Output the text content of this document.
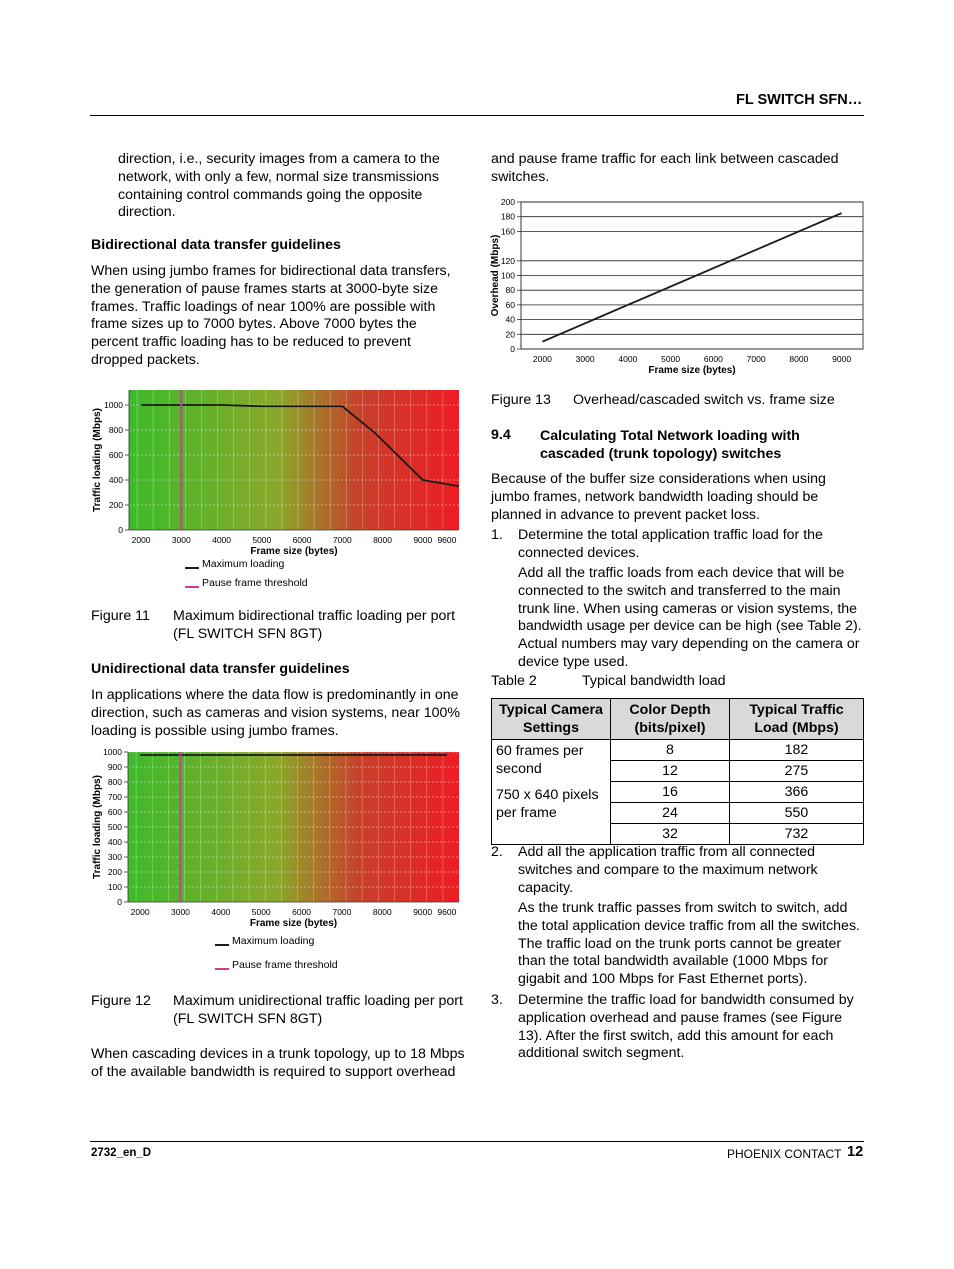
FL SWITCH SFN…

direction, i.e., security images from a camera to the network, with only a few, normal size transmissions containing control commands going the opposite direction.

Bidirectional data transfer guidelines

When using jumbo frames for bidirectional data transfers, the generation of pause frames starts at 3000-byte size frames. Traffic loadings of near 100% are possible with frame sizes up to 7000 bytes. Above 7000 bytes the percent traffic loading has to be reduced to prevent dropped packets.

0
200
400
600
800
1000
2000	3000	4000	5000	6000	7000	8000	9000 9600
Frame size (bytes)
Traffic loading (Mbps)
Maximum loading
Pause frame threshold
Figure 11 Maximum bidirectional traffic loading per port (FL SWITCH SFN 8GT)

Unidirectional data transfer guidelines

In applications where the data flow is predominantly in one direction, such as cameras and vision systems, near 100% loading is possible using jumbo frames.

0
100
200
300
400
500
600
700
800
900
1000
2000	3000	4000	5000	6000	7000	8000	9000 9600
Frame size (bytes)
Traffic loading (Mbps)
Maximum loading
Pause frame threshold
Figure 12 Maximum unidirectional traffic loading per port (FL SWITCH SFN 8GT)

When cascading devices in a trunk topology, up to 18 Mbps of the available bandwidth is required to support overhead

and pause frame traffic for each link between cascaded switches.

0
20
40
60
80
100
120
160
180
200
2000	3000	4000	5000	6000	7000	8000	9000
Frame size (bytes)
Overhead (Mbps)
Figure 13 Overhead/cascaded switch vs. frame size
9.4 Calculating Total Network loading with cascaded (trunk topology) switches

Because of the buffer size considerations when using jumbo frames, network bandwidth loading should be planned in advance to prevent packet loss.

1. Determine the total application traffic load for the connected devices.

Add all the traffic loads from each device that will be connected to the switch and transferred to the main trunk line. When using cameras or vision systems, the bandwidth usage per device can be high (see Table 2). Actual numbers may vary depending on the camera or device type used.

Table 2	Typical bandwidth load
Typical Camera Settings	Color Depth (bits/pixel)	Typical Traffic Load (Mbps)

60 frames per second
750 x 640 pixels per frame	8	182
	12	275
	16	366
	24	550
	32	732
2. Add all the application traffic from all connected switches and compare to the maximum network capacity.

As the trunk traffic passes from switch to switch, add the total application device traffic from all the switches. The traffic load on the trunk ports cannot be greater than the total bandwidth available (1000 Mbps for gigabit and 100 Mbps for Fast Ethernet ports).

3. Determine the traffic load for bandwidth consumed by application overhead and pause frames (see Figure 13). After the first switch, add this amount for each additional switch segment.
2732_en_D	PHOENIX CONTACT 12
